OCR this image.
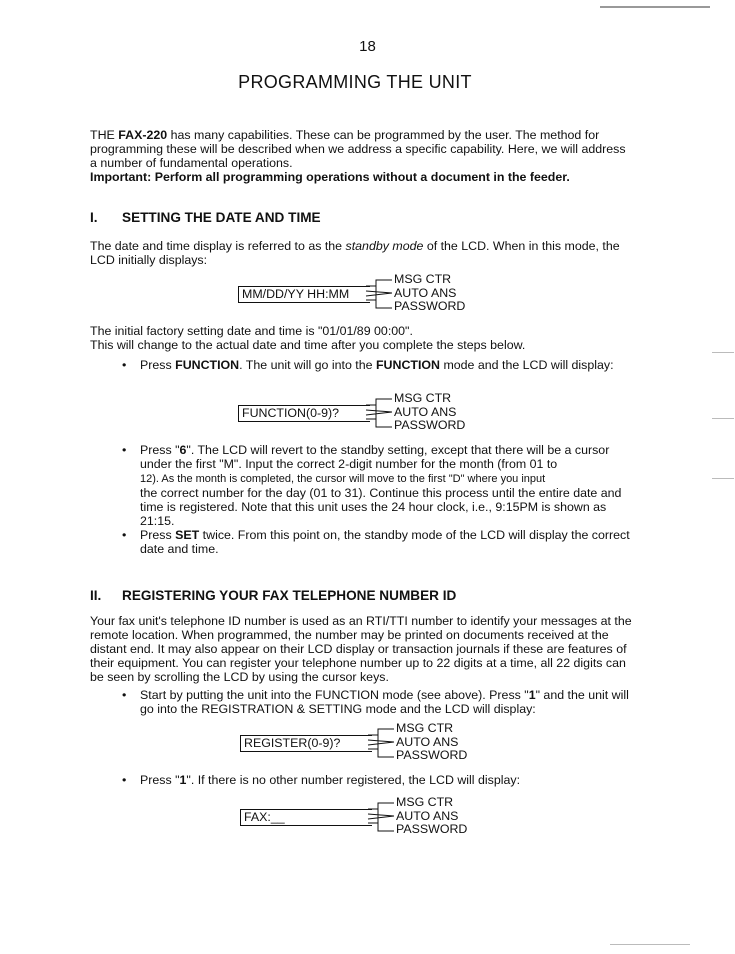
18
PROGRAMMING THE UNIT
THE FAX-220 has many capabilities. These can be programmed by the user. The method for programming these will be described when we address a specific capability. Here, we will address a number of fundamental operations.
Important: Perform all programming operations without a document in the feeder.
I. SETTING THE DATE AND TIME
The date and time display is referred to as the standby mode of the LCD. When in this mode, the LCD initially displays:
MM/DD/YY HH:MM
MSG CTR
AUTO ANS
PASSWORD
The initial factory setting date and time is "01/01/89 00:00".
This will change to the actual date and time after you complete the steps below.
• Press FUNCTION. The unit will go into the FUNCTION mode and the LCD will display:
FUNCTION(0-9)?
MSG CTR
AUTO ANS
PASSWORD
• Press "6". The LCD will revert to the standby setting, except that there will be a cursor under the first "M". Input the correct 2-digit number for the month (from 01 to
12). As the month is completed, the cursor will move to the first "D" where you input
the correct number for the day (01 to 31). Continue this process until the entire date and time is registered. Note that this unit uses the 24 hour clock, i.e., 9:15PM is shown as 21:15.
• Press SET twice. From this point on, the standby mode of the LCD will display the correct date and time.
II. REGISTERING YOUR FAX TELEPHONE NUMBER ID
Your fax unit's telephone ID number is used as an RTI/TTI number to identify your messages at the remote location. When programmed, the number may be printed on documents received at the distant end. It may also appear on their LCD display or transaction journals if these are features of their equipment. You can register your telephone number up to 22 digits at a time, all 22 digits can be seen by scrolling the LCD by using the cursor keys.
• Start by putting the unit into the FUNCTION mode (see above). Press "1" and the unit will go into the REGISTRATION & SETTING mode and the LCD will display:
REGISTER(0-9)?
MSG CTR
AUTO ANS
PASSWORD
• Press "1". If there is no other number registered, the LCD will display:
FAX:__
MSG CTR
AUTO ANS
PASSWORD
